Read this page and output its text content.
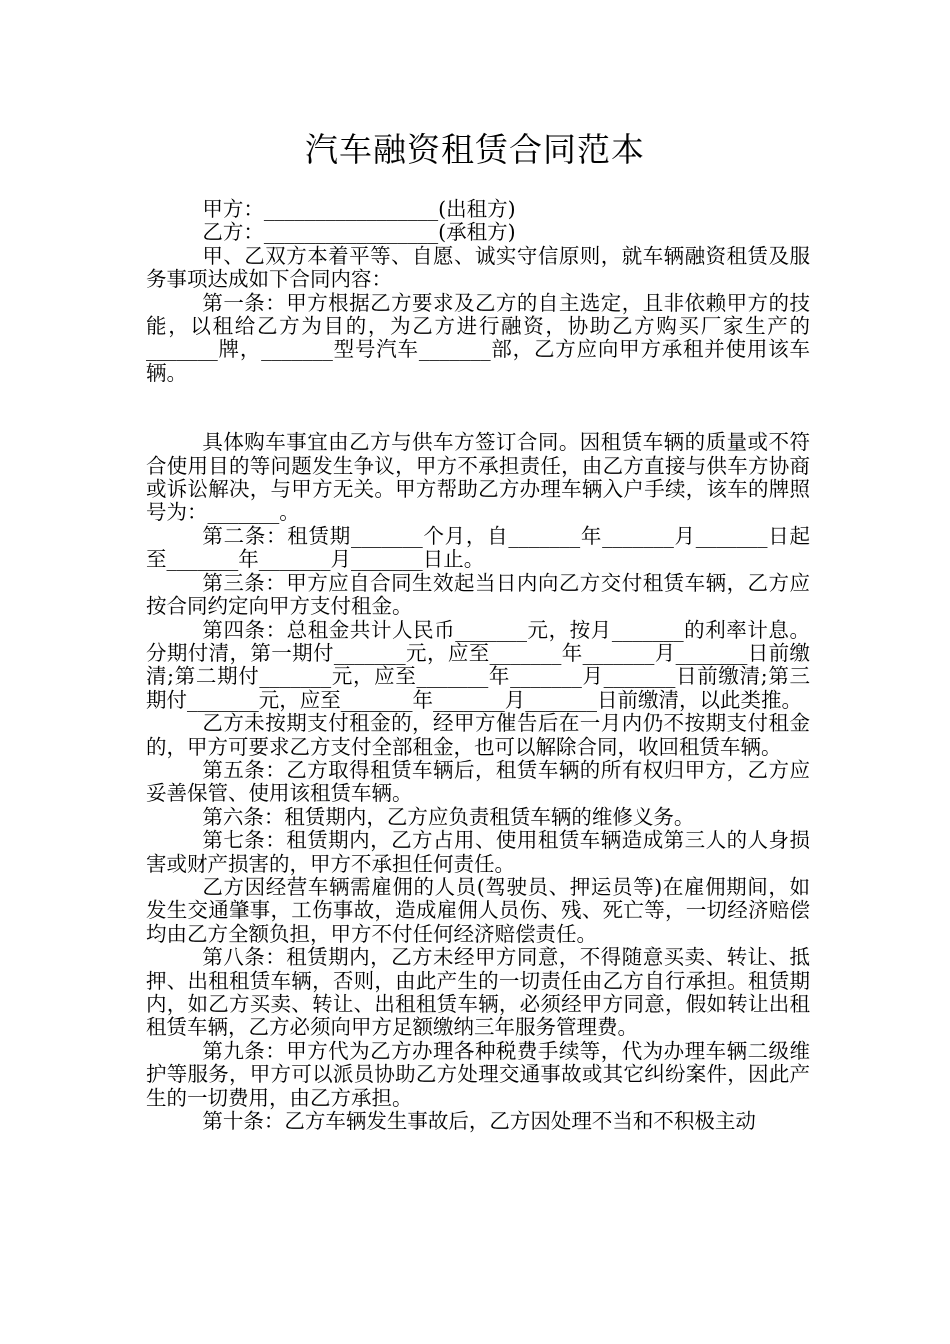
汽车融资租赁合同范本

甲方：_________________(出租方)

乙方：_________________(承租方)

甲、乙双方本着平等、自愿、诚实守信原则，就车辆融资租赁及服务事项达成如下合同内容：

第一条：甲方根据乙方要求及乙方的自主选定，且非依赖甲方的技能，以租给乙方为目的，为乙方进行融资，协助乙方购买厂家生产的_______牌，_______型号汽车_______部，乙方应向甲方承租并使用该车辆。

具体购车事宜由乙方与供车方签订合同。因租赁车辆的质量或不符合使用目的等问题发生争议，甲方不承担责任，由乙方直接与供车方协商或诉讼解决，与甲方无关。甲方帮助乙方办理车辆入户手续，该车的牌照号为：_______。

第二条：租赁期_______个月，自_______年_______月_______日起至_______年_______月_______日止。

第三条：甲方应自合同生效起当日内向乙方交付租赁车辆，乙方应按合同约定向甲方支付租金。

第四条：总租金共计人民币_______元，按月_______的利率计息。分期付清，第一期付_______元，应至_______年_______月_______日前缴清;第二期付_______元，应至_______年_______月_______日前缴清;第三期付_______元，应至_______年_______月_______日前缴清，以此类推。

乙方未按期支付租金的，经甲方催告后在一月内仍不按期支付租金的，甲方可要求乙方支付全部租金，也可以解除合同，收回租赁车辆。

第五条：乙方取得租赁车辆后，租赁车辆的所有权归甲方，乙方应妥善保管、使用该租赁车辆。

第六条：租赁期内，乙方应负责租赁车辆的维修义务。

第七条：租赁期内，乙方占用、使用租赁车辆造成第三人的人身损害或财产损害的，甲方不承担任何责任。

乙方因经营车辆需雇佣的人员(驾驶员、押运员等)在雇佣期间，如发生交通肇事，工伤事故，造成雇佣人员伤、残、死亡等，一切经济赔偿均由乙方全额负担，甲方不付任何经济赔偿责任。

第八条：租赁期内，乙方未经甲方同意，不得随意买卖、转让、抵押、出租租赁车辆，否则，由此产生的一切责任由乙方自行承担。租赁期内，如乙方买卖、转让、出租租赁车辆，必须经甲方同意，假如转让出租租赁车辆，乙方必须向甲方足额缴纳三年服务管理费。

第九条：甲方代为乙方办理各种税费手续等，代为办理车辆二级维护等服务，甲方可以派员协助乙方处理交通事故或其它纠纷案件，因此产生的一切费用，由乙方承担。

第十条：乙方车辆发生事故后，乙方因处理不当和不积极主动
